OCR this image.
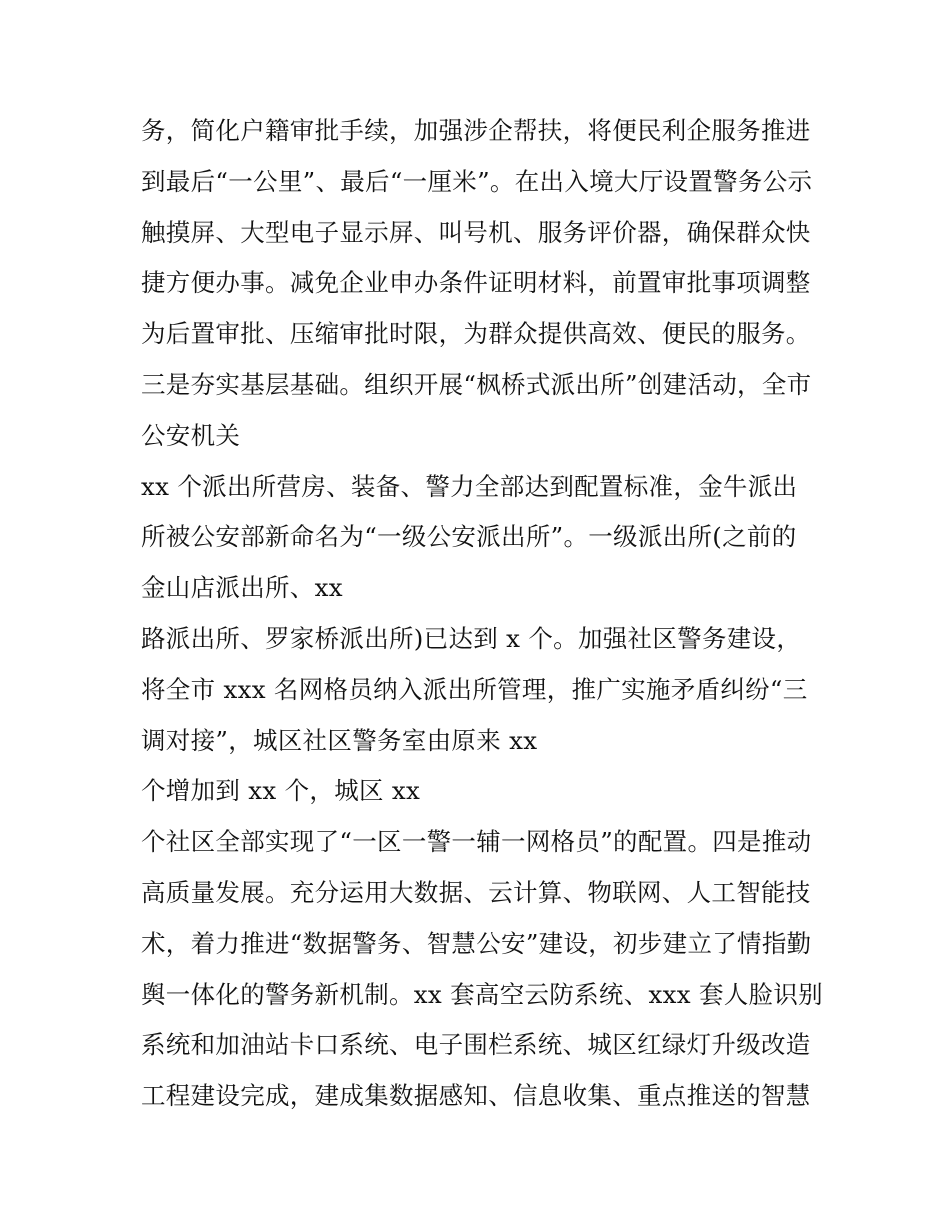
务，简化户籍审批手续，加强涉企帮扶，将便民利企服务推进
到最后“一公里”、最后“一厘米”。在出入境大厅设置警务公示
触摸屏、大型电子显示屏、叫号机、服务评价器，确保群众快
捷方便办事。减免企业申办条件证明材料，前置审批事项调整
为后置审批、压缩审批时限，为群众提供高效、便民的服务。
三是夯实基层基础。组织开展“枫桥式派出所”创建活动，全市
公安机关
xx 个派出所营房、装备、警力全部达到配置标准，金牛派出
所被公安部新命名为“一级公安派出所”。一级派出所(之前的
金山店派出所、xx
路派出所、罗家桥派出所)已达到 x 个。加强社区警务建设，
将全市 xxx 名网格员纳入派出所管理，推广实施矛盾纠纷“三
调对接”，城区社区警务室由原来 xx
个增加到 xx 个，城区 xx
个社区全部实现了“一区一警一辅一网格员”的配置。四是推动
高质量发展。充分运用大数据、云计算、物联网、人工智能技
术，着力推进“数据警务、智慧公安”建设，初步建立了情指勤
舆一体化的警务新机制。xx 套高空云防系统、xxx 套人脸识别
系统和加油站卡口系统、电子围栏系统、城区红绿灯升级改造
工程建设完成，建成集数据感知、信息收集、重点推送的智慧
